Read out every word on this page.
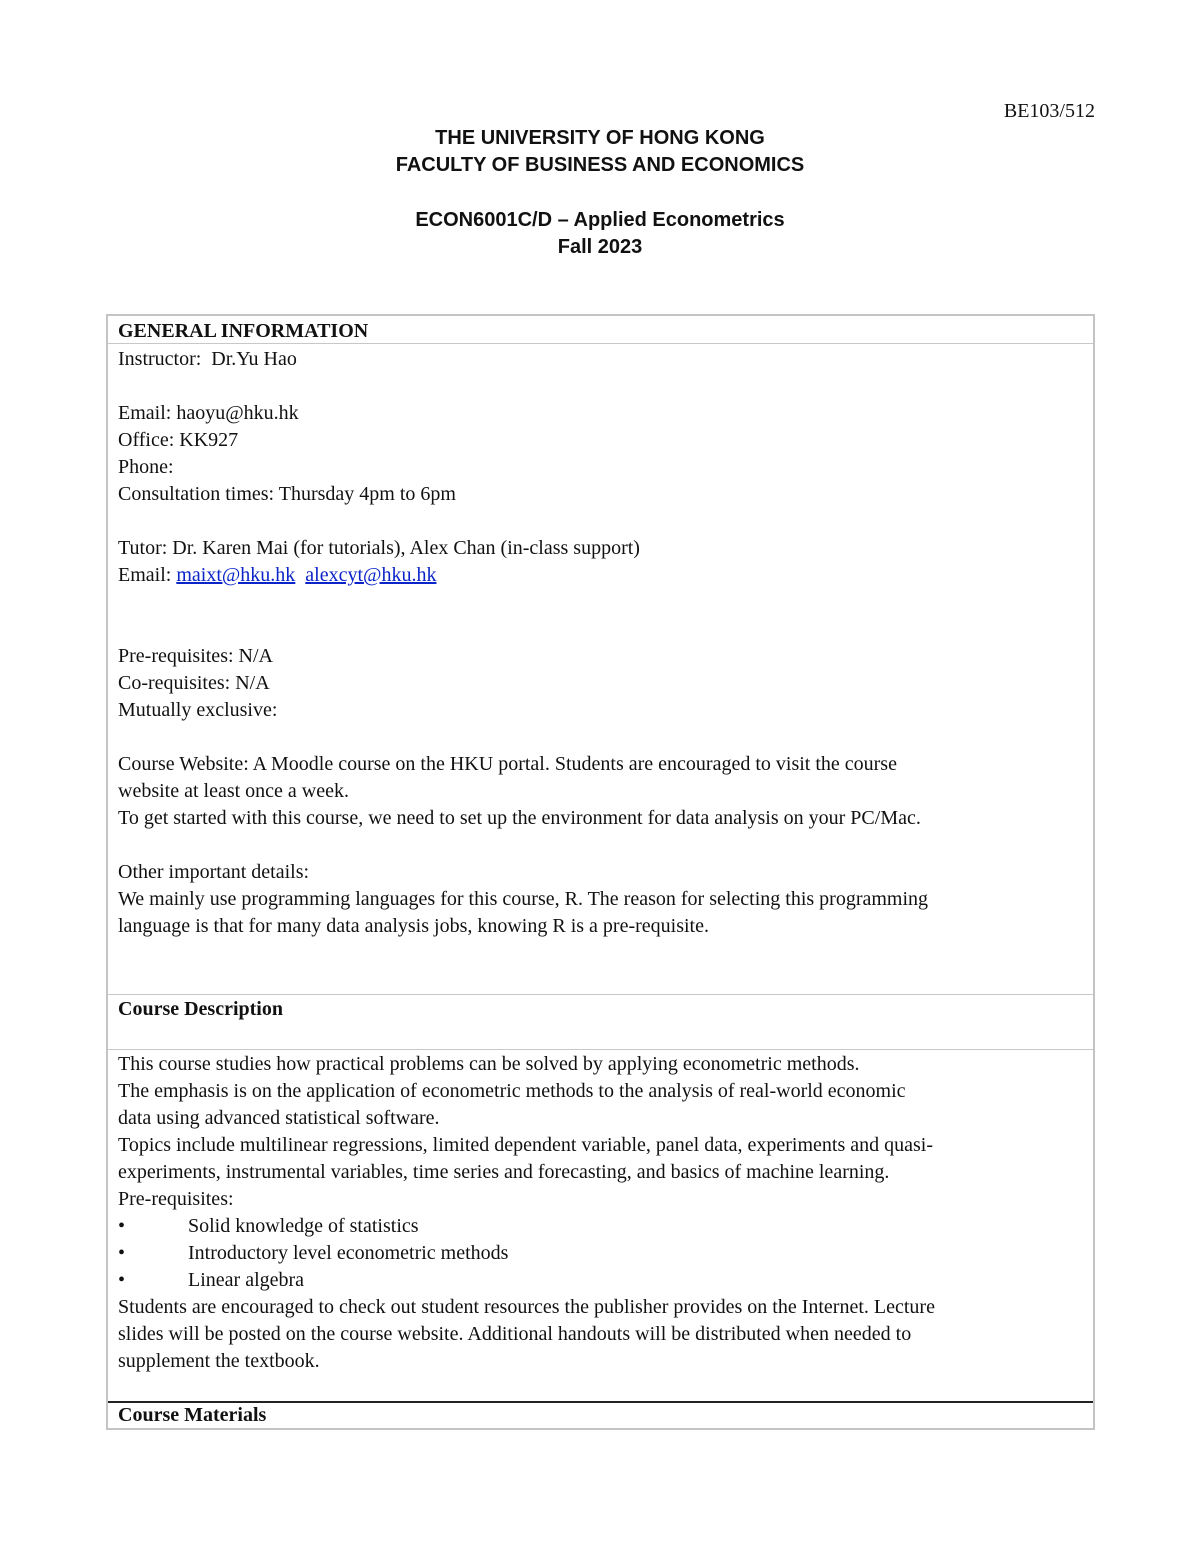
BE103/512
THE UNIVERSITY OF HONG KONG
FACULTY OF BUSINESS AND ECONOMICS
ECON6001C/D – Applied Econometrics
Fall 2023
GENERAL INFORMATION
Instructor:  Dr.Yu Hao
Email: haoyu@hku.hk
Office: KK927
Phone:
Consultation times: Thursday 4pm to 6pm
Tutor: Dr. Karen Mai (for tutorials), Alex Chan (in-class support)
Email: maixt@hku.hk alexcyt@hku.hk
Pre-requisites: N/A
Co-requisites: N/A
Mutually exclusive:
Course Website: A Moodle course on the HKU portal. Students are encouraged to visit the course
website at least once a week.
To get started with this course, we need to set up the environment for data analysis on your PC/Mac.
Other important details:
We mainly use programming languages for this course, R. The reason for selecting this programming
language is that for many data analysis jobs, knowing R is a pre-requisite.
Course Description
This course studies how practical problems can be solved by applying econometric methods.
The emphasis is on the application of econometric methods to the analysis of real-world economic
data using advanced statistical software.
Topics include multilinear regressions, limited dependent variable, panel data, experiments and quasi-
experiments, instrumental variables, time series and forecasting, and basics of machine learning.
Pre-requisites:
•	Solid knowledge of statistics
•	Introductory level econometric methods
•	Linear algebra
Students are encouraged to check out student resources the publisher provides on the Internet. Lecture
slides will be posted on the course website. Additional handouts will be distributed when needed to
supplement the textbook.
Course Materials
